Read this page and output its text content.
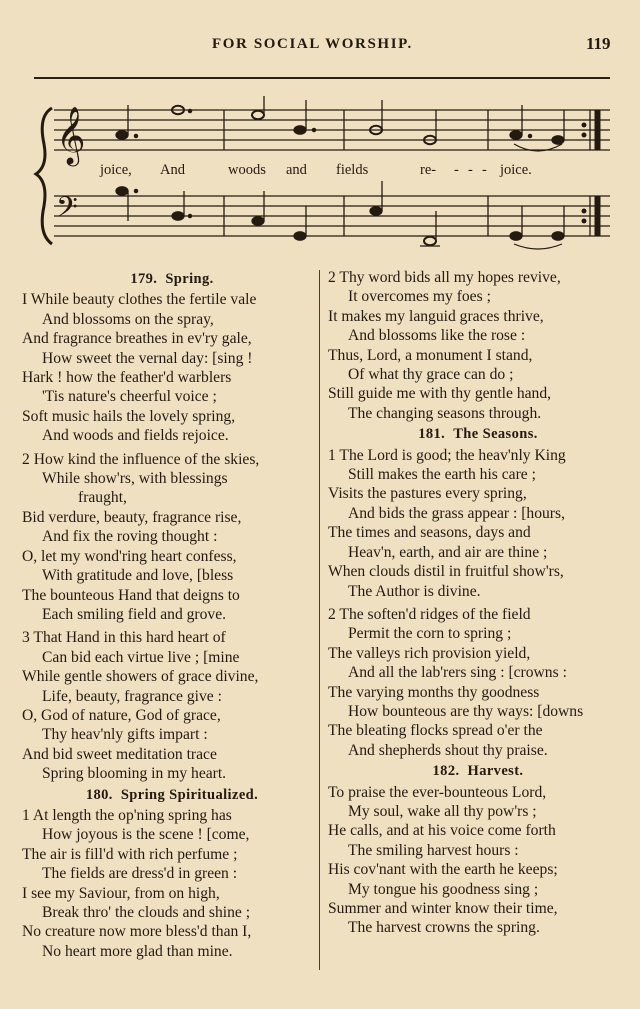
FOR SOCIAL WORSHIP.	119
𝄞
𝄢
joice, And	woods and fields	re- - - - joice.
179. Spring.
I While beauty clothes the fertile vale
And blossoms on the spray,
And fragrance breathes in ev'ry gale,
How sweet the vernal day: [sing !
Hark ! how the feather'd warblers
'Tis nature's cheerful voice ;
Soft music hails the lovely spring,
And woods and fields rejoice.
2 How kind the influence of the skies,
While show'rs, with blessings
fraught,
Bid verdure, beauty, fragrance rise,
And fix the roving thought :
O, let my wond'ring heart confess,
With gratitude and love, [bless
The bounteous Hand that deigns to
Each smiling field and grove.
3 That Hand in this hard heart of
Can bid each virtue live ; [mine
While gentle showers of grace divine,
Life, beauty, fragrance give :
O, God of nature, God of grace,
Thy heav'nly gifts impart :
And bid sweet meditation trace
Spring blooming in my heart.
180. Spring Spiritualized.
1 At length the op'ning spring has
How joyous is the scene ! [come,
The air is fill'd with rich perfume ;
The fields are dress'd in green :
I see my Saviour, from on high,
Break thro' the clouds and shine ;
No creature now more bless'd than I,
No heart more glad than mine.
2 Thy word bids all my hopes revive,
It overcomes my foes ;
It makes my languid graces thrive,
And blossoms like the rose :
Thus, Lord, a monument I stand,
Of what thy grace can do ;
Still guide me with thy gentle hand,
The changing seasons through.
181. The Seasons.
1 The Lord is good; the heav'nly King
Still makes the earth his care ;
Visits the pastures every spring,
And bids the grass appear : [hours,
The times and seasons, days and
Heav'n, earth, and air are thine ;
When clouds distil in fruitful show'rs,
The Author is divine.
2 The soften'd ridges of the field
Permit the corn to spring ;
The valleys rich provision yield,
And all the lab'rers sing : [crowns :
The varying months thy goodness
How bounteous are thy ways: [downs
The bleating flocks spread o'er the
And shepherds shout thy praise.
182. Harvest.
To praise the ever-bounteous Lord,
My soul, wake all thy pow'rs ;
He calls, and at his voice come forth
The smiling harvest hours :
His cov'nant with the earth he keeps;
My tongue his goodness sing ;
Summer and winter know their time,
The harvest crowns the spring.
